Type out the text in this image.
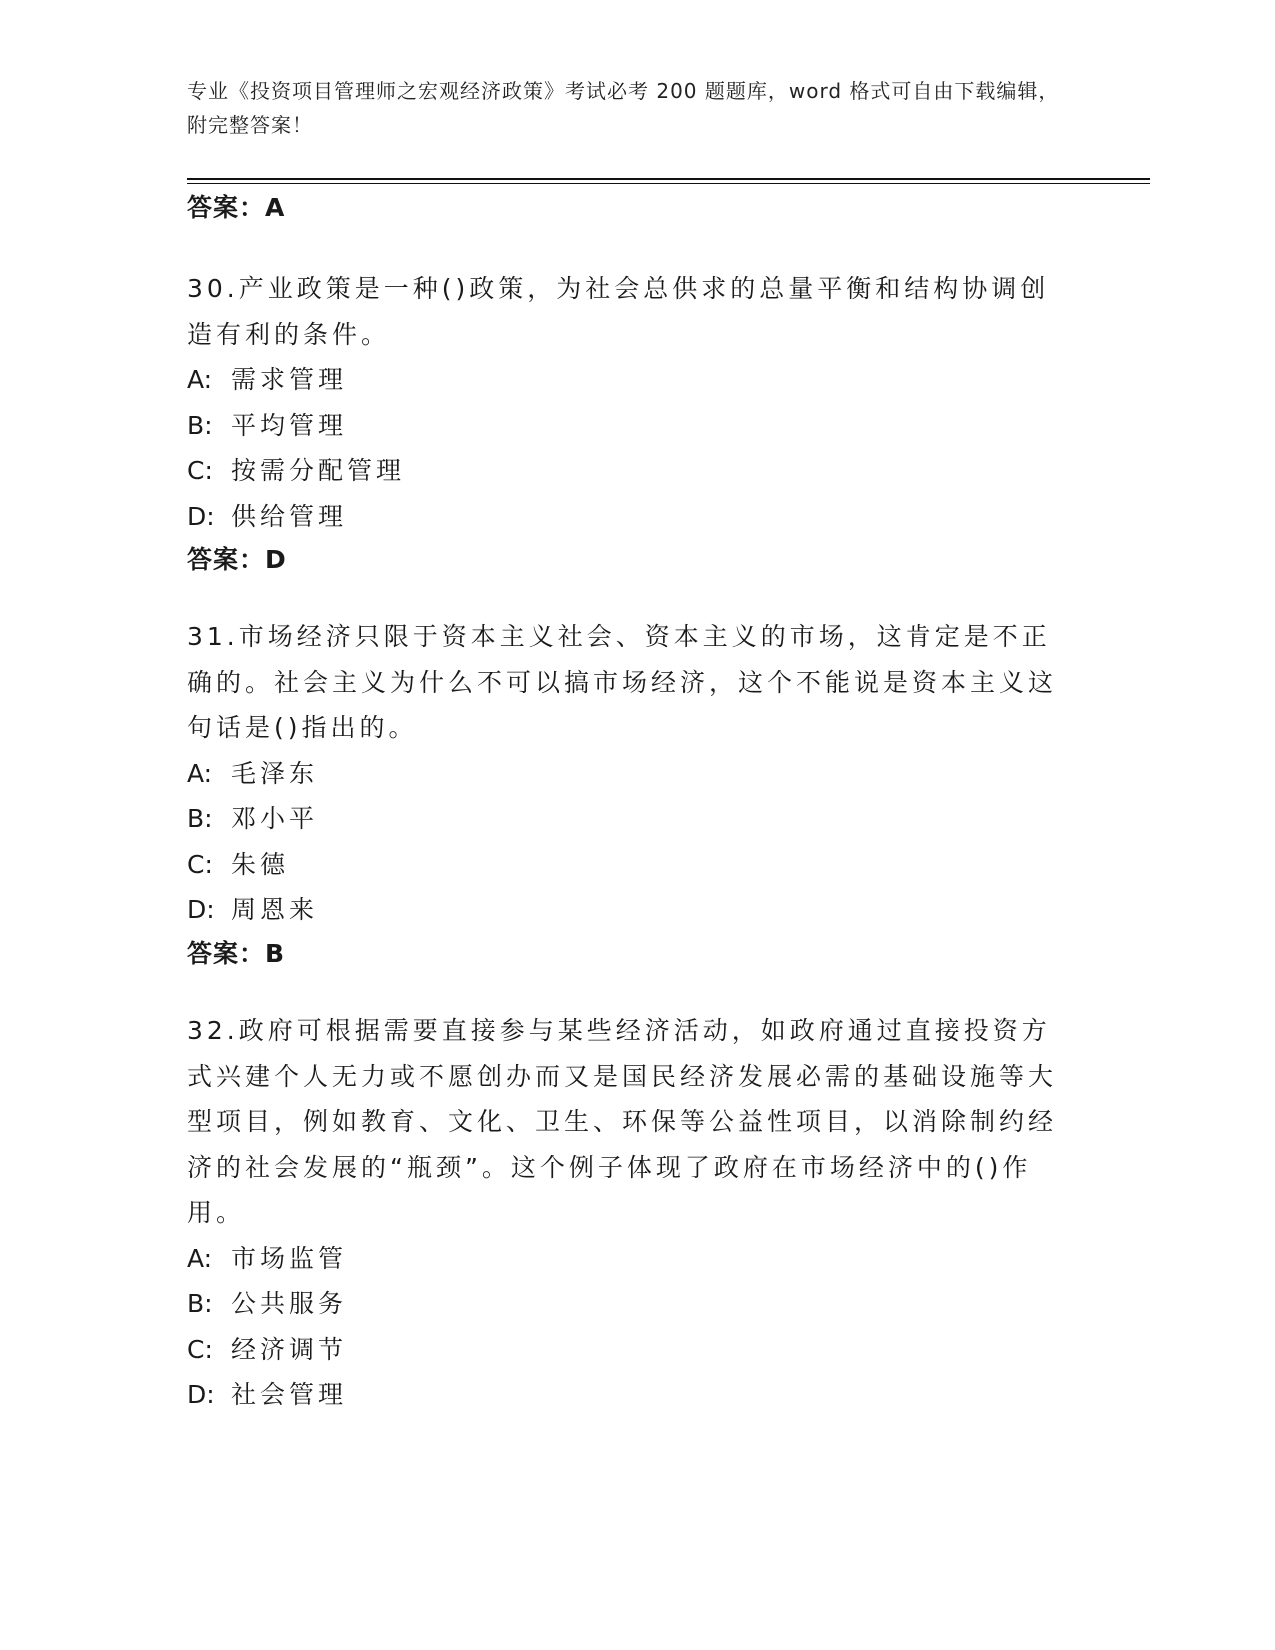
专业《投资项目管理师之宏观经济政策》考试必考 200 题题库，word 格式可自由下载编辑，附完整答案！
答案：A

30.产业政策是一种()政策，为社会总供求的总量平衡和结构协调创造有利的条件。

A: 需求管理

B: 平均管理

C: 按需分配管理

D: 供给管理

答案：D

31.市场经济只限于资本主义社会、资本主义的市场，这肯定是不正确的。社会主义为什么不可以搞市场经济，这个不能说是资本主义这句话是()指出的。

A: 毛泽东

B: 邓小平

C: 朱德

D: 周恩来

答案：B

32.政府可根据需要直接参与某些经济活动，如政府通过直接投资方式兴建个人无力或不愿创办而又是国民经济发展必需的基础设施等大型项目，例如教育、文化、卫生、环保等公益性项目，以消除制约经济的社会发展的“瓶颈”。这个例子体现了政府在市场经济中的()作用。

A: 市场监管

B: 公共服务

C: 经济调节

D: 社会管理
